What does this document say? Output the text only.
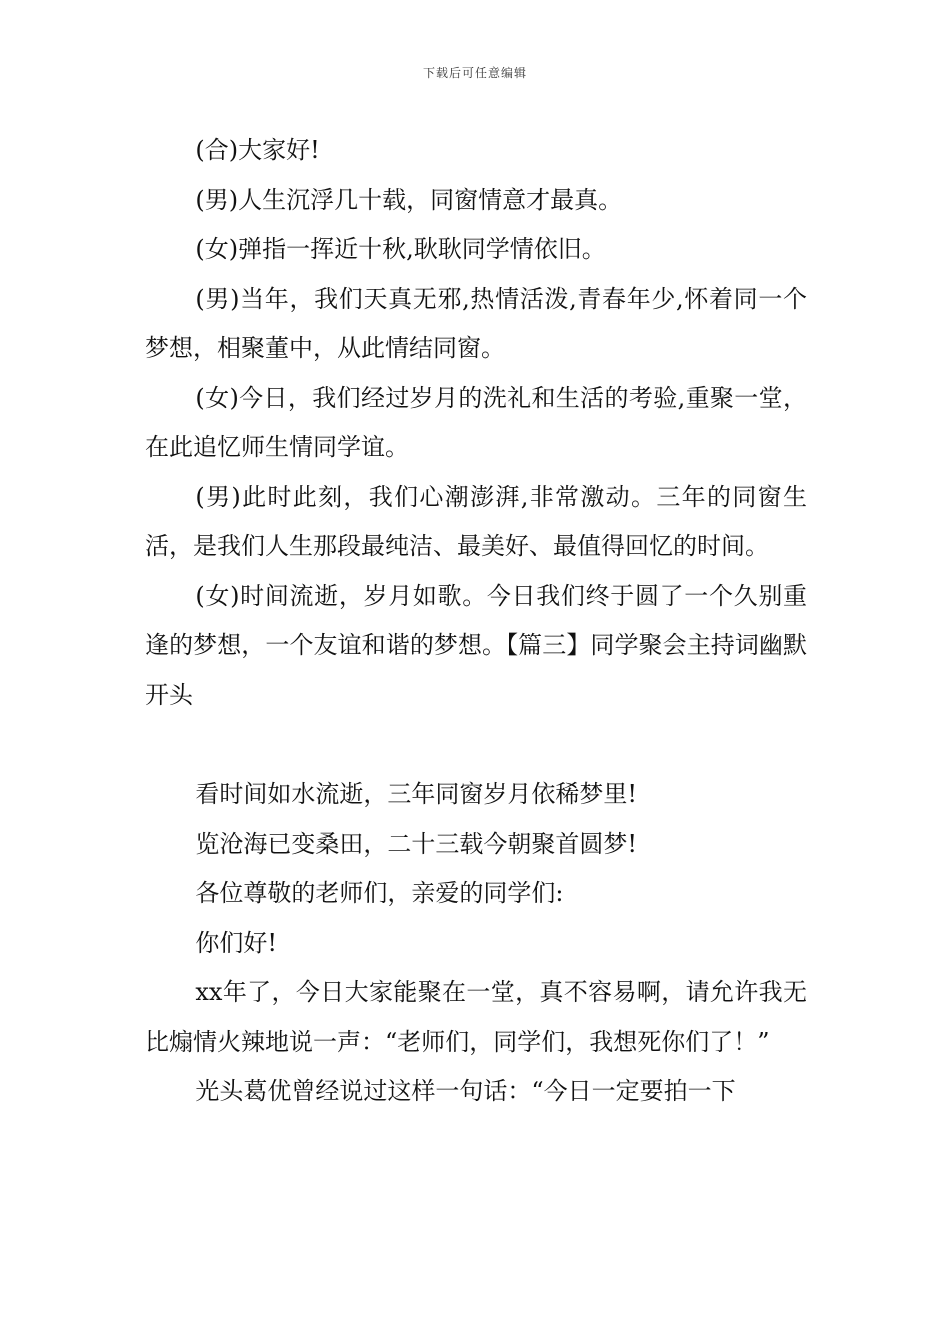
下载后可任意编辑

(合)大家好!

(男)人生沉浮几十载，同窗情意才最真。

(女)弹指一挥近十秋,耿耿同学情依旧。

(男)当年，我们天真无邪,热情活泼,青春年少,怀着同一个梦想，相聚董中，从此情结同窗。

(女)今日，我们经过岁月的洗礼和生活的考验,重聚一堂，在此追忆师生情同学谊。

(男)此时此刻，我们心潮澎湃,非常激动。三年的同窗生活，是我们人生那段最纯洁、最美好、最值得回忆的时间。

(女)时间流逝，岁月如歌。今日我们终于圆了一个久别重逢的梦想，一个友谊和谐的梦想。【篇三】同学聚会主持词幽默开头

看时间如水流逝，三年同窗岁月依稀梦里!

览沧海已变桑田，二十三载今朝聚首圆梦!

各位尊敬的老师们，亲爱的同学们:

你们好!

xx年了，今日大家能聚在一堂，真不容易啊，请允许我无比煽情火辣地说一声：“老师们，同学们，我想死你们了！”

光头葛优曾经说过这样一句话：“今日一定要拍一下
